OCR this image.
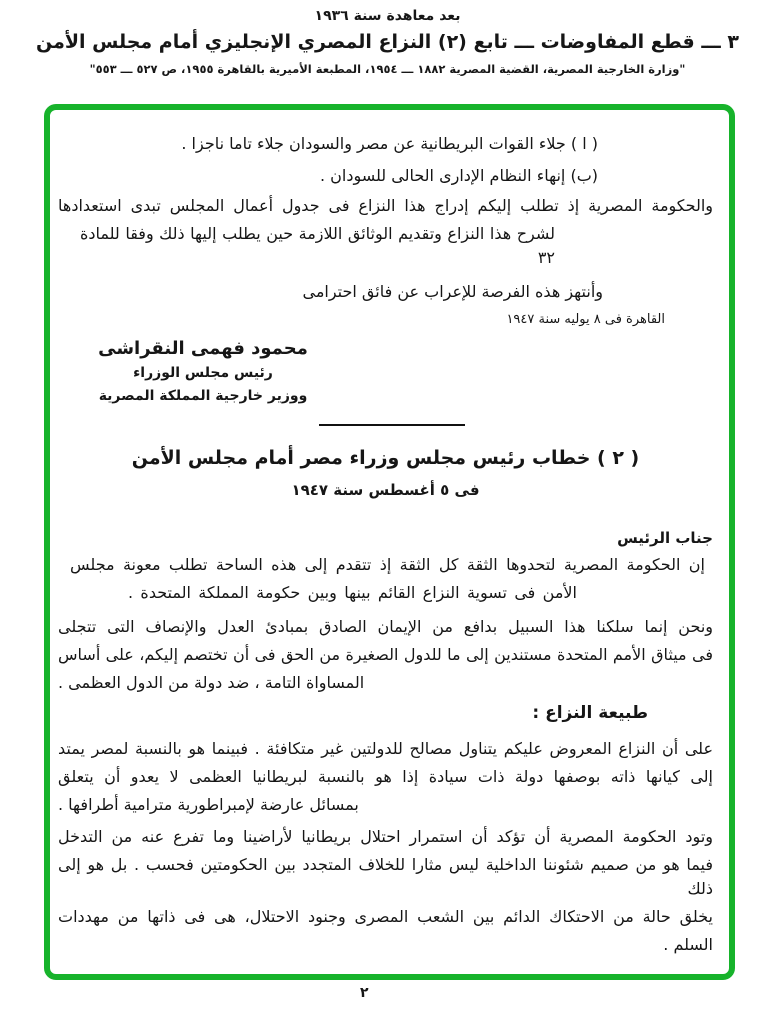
بعد معاهدة سنة ١٩٣٦
٣ ـــ قطع المفاوضات ـــ تابع (٢) النزاع المصري الإنجليزي أمام مجلس الأمن
"وزارة الخارجية المصرية، القضية المصرية ١٨٨٢ ـــ ١٩٥٤، المطبعة الأميرية بالقاهرة ١٩٥٥، ص ٥٢٧ ـــ ٥٥٣"
( ا ) جلاء القوات البريطانية عن مصر والسودان جلاء تاما ناجزا .
(ب) إنهاء النظام الإدارى الحالى للسودان .
والحكومة المصرية إذ تطلب إليكم إدراج هذا النزاع فى جدول أعمال المجلس تبدى استعدادها
لشرح هذا النزاع وتقديم الوثائق اللازمة حين يطلب إليها ذلك وفقا للمادة ٣٢
وأنتهز هذه الفرصة للإعراب عن فائق احترامى
القاهرة فى ٨ يوليه سنة ١٩٤٧
محمود فهمى النقراشى
رئيس مجلس الوزراء
ووزير خارجية المملكة المصرية
( ٢ ) خطاب رئيس مجلس وزراء مصر أمام مجلس الأمن
فى ٥ أغسطس سنة ١٩٤٧
جناب الرئيس
إن الحكومة المصرية لتحدوها الثقة كل الثقة إذ تتقدم إلى هذه الساحة تطلب معونة مجلس
الأمن فى تسوية النزاع القائم بينها وبين حكومة المملكة المتحدة .
ونحن إنما سلكنا هذا السبيل بدافع من الإيمان الصادق بمبادئ العدل والإنصاف التى تتجلى
فى ميثاق الأمم المتحدة مستندين إلى ما للدول الصغيرة من الحق فى أن تختصم إليكم، على أساس
المساواة التامة ، ضد دولة من الدول العظمى .
طبيعة النزاع :
على أن النزاع المعروض عليكم يتناول مصالح للدولتين غير متكافئة . فبينما هو بالنسبة لمصر يمتد
إلى كيانها ذاته بوصفها دولة ذات سيادة إذا هو بالنسبة لبريطانيا العظمى لا يعدو أن يتعلق
بمسائل عارضة لإمبراطورية مترامية أطرافها .
وتود الحكومة المصرية أن تؤكد أن استمرار احتلال بريطانيا لأراضينا وما تفرع عنه من التدخل
فيما هو من صميم شئوننا الداخلية ليس مثارا للخلاف المتجدد بين الحكومتين فحسب . بل هو إلى ذلك
يخلق حالة من الاحتكاك الدائم بين الشعب المصرى وجنود الاحتلال، هى فى ذاتها من مهددات
السلم .
٢
